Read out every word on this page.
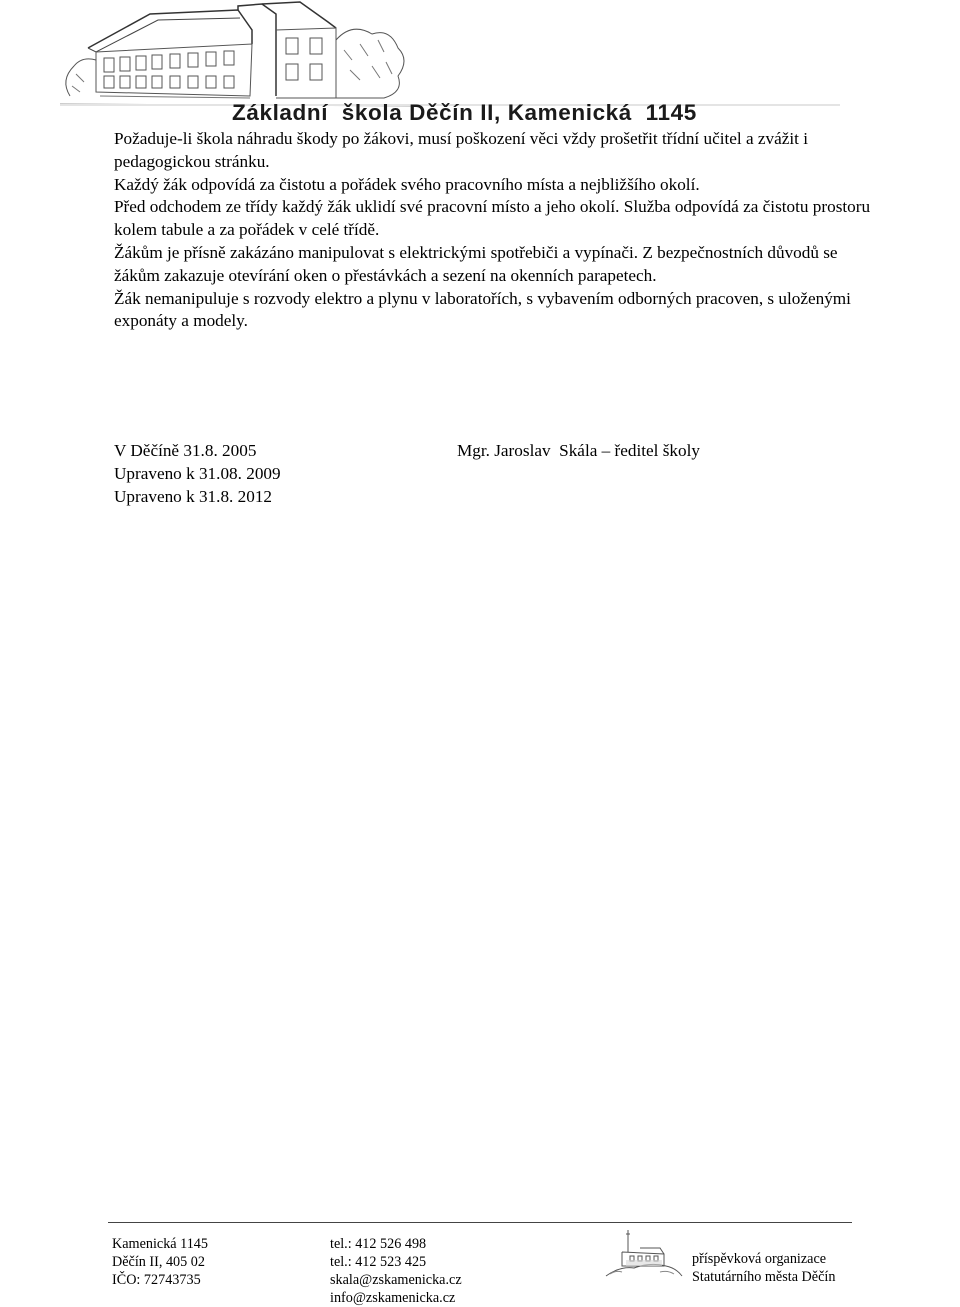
Základní  škola Děčín II, Kamenická  1145

Požaduje-li škola náhradu škody po žákovi, musí poškození věci vždy prošetřit třídní učitel a zvážit i pedagogickou stránku.

Každý žák odpovídá za čistotu a pořádek svého pracovního místa a nejbližšího okolí.

Před odchodem ze třídy každý žák uklidí své pracovní místo a jeho okolí. Služba odpovídá za čistotu prostoru kolem tabule a za pořádek v celé třídě.

Žákům je přísně zakázáno manipulovat s elektrickými spotřebiči a vypínači. Z bezpečnostních důvodů se žákům zakazuje otevírání oken o přestávkách a sezení na okenních parapetech.

Žák nemanipuluje s rozvody elektro a plynu v laboratořích, s vybavením odborných pracoven, s uloženými exponáty a modely.

V Děčíně 31.8. 2005

Upraveno k 31.08. 2009

Upraveno k 31.8. 2012

Mgr. Jaroslav  Skála – ředitel školy

Kamenická 1145

Děčín II, 405 02

IČO: 72743735

tel.: 412 526 498

tel.: 412 523 425

skala@zskamenicka.cz

info@zskamenicka.cz

příspěvková organizace

Statutárního města Děčín
